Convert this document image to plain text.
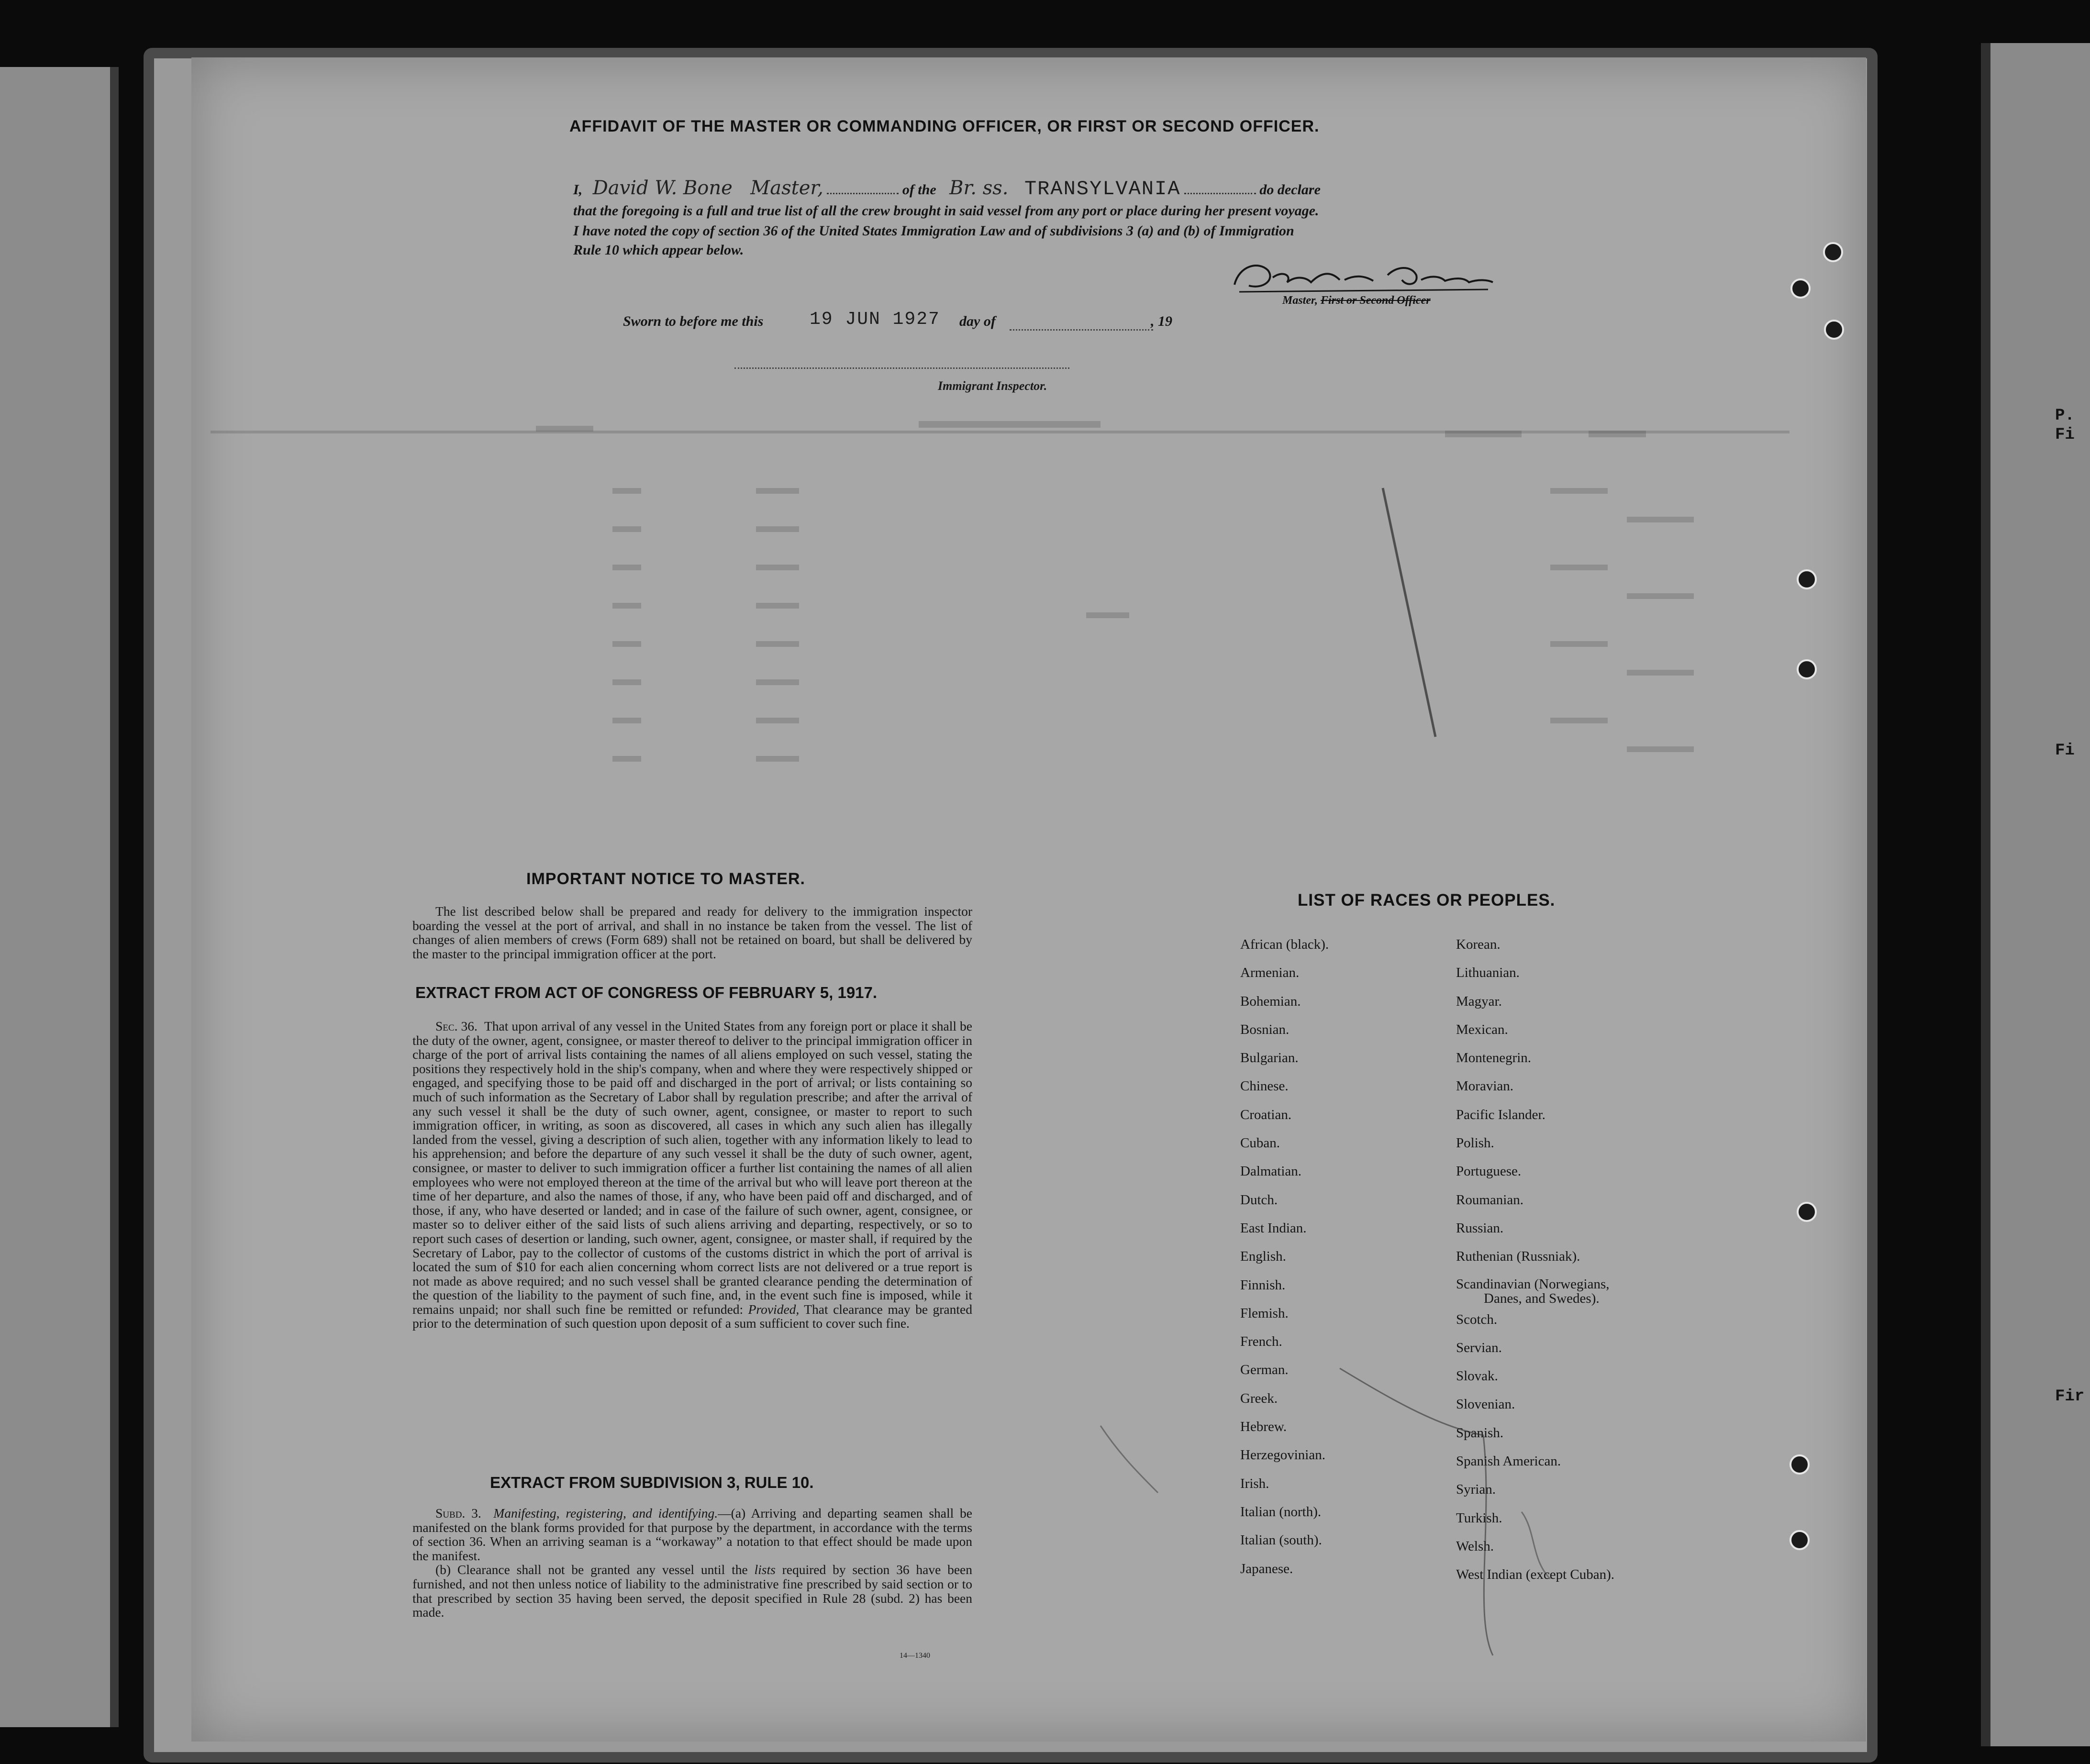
P.
Fi
Fi
Fir
AFFIDAVIT OF THE MASTER OR COMMANDING OFFICER, OR FIRST OR SECOND OFFICER.
I, David W. Bone Master,	of the Br. ss. TRANSYLVANIA	do declare
that the foregoing is a full and true list of all the crew brought in said vessel from any port or place during her present voyage.
I have noted the copy of section 36 of the United States Immigration Law and of subdivisions 3 (a) and (b) of Immigration
Rule 10 which appear below.
Master, First or Second Officer
Sworn to before me this	19 JUN 1927 day of	, 19
Immigrant Inspector.
IMPORTANT NOTICE TO MASTER.

The list described below shall be prepared and ready for delivery to the immigration inspector boarding the vessel at the port of arrival, and shall in no instance be taken from the vessel. The list of changes of alien members of crews (Form 689) shall not be retained on board, but shall be delivered by the master to the principal immigration officer at the port.

EXTRACT FROM ACT OF CONGRESS OF FEBRUARY 5, 1917.

Sec. 36. That upon arrival of any vessel in the United States from any foreign port or place it shall be the duty of the owner, agent, consignee, or master thereof to deliver to the principal immigration officer in charge of the port of arrival lists containing the names of all aliens employed on such vessel, stating the positions they respectively hold in the ship's company, when and where they were respectively shipped or engaged, and specifying those to be paid off and discharged in the port of arrival; or lists containing so much of such information as the Secretary of Labor shall by regulation prescribe; and after the arrival of any such vessel it shall be the duty of such owner, agent, consignee, or master to report to such immigration officer, in writing, as soon as discovered, all cases in which any such alien has illegally landed from the vessel, giving a description of such alien, together with any information likely to lead to his apprehension; and before the departure of any such vessel it shall be the duty of such owner, agent, consignee, or master to deliver to such immigration officer a further list containing the names of all alien employees who were not employed thereon at the time of the arrival but who will leave port thereon at the time of her departure, and also the names of those, if any, who have been paid off and discharged, and of those, if any, who have deserted or landed; and in case of the failure of such owner, agent, consignee, or master so to deliver either of the said lists of such aliens arriving and departing, respectively, or so to report such cases of desertion or landing, such owner, agent, consignee, or master shall, if required by the Secretary of Labor, pay to the collector of customs of the customs district in which the port of arrival is located the sum of $10 for each alien concerning whom correct lists are not delivered or a true report is not made as above required; and no such vessel shall be granted clearance pending the determination of the question of the liability to the payment of such fine, and, in the event such fine is imposed, while it remains unpaid; nor shall such fine be remitted or refunded: Provided, That clearance may be granted prior to the determination of such question upon deposit of a sum sufficient to cover such fine.

EXTRACT FROM SUBDIVISION 3, RULE 10.

Subd. 3. Manifesting, registering, and identifying.—(a) Arriving and departing seamen shall be manifested on the blank forms provided for that purpose by the department, in accordance with the terms of section 36. When an arriving seaman is a “workaway” a notation to that effect should be made upon the manifest.

(b) Clearance shall not be granted any vessel until the lists required by section 36 have been furnished, and not then unless notice of liability to the administrative fine prescribed by said section or to that prescribed by section 35 having been served, the deposit specified in Rule 28 (subd. 2) has been made.

14—1340
LIST OF RACES OR PEOPLES.
African (black).
Armenian.
Bohemian.
Bosnian.
Bulgarian.
Chinese.
Croatian.
Cuban.
Dalmatian.
Dutch.
East Indian.
English.
Finnish.
Flemish.
French.
German.
Greek.
Hebrew.
Herzegovinian.
Irish.
Italian (north).
Italian (south).
Japanese.
Korean.
Lithuanian.
Magyar.
Mexican.
Montenegrin.
Moravian.
Pacific Islander.
Polish.
Portuguese.
Roumanian.
Russian.
Ruthenian (Russniak).
Scandinavian (Norwegians,
Danes, and Swedes).
Scotch.
Servian.
Slovak.
Slovenian.
Spanish.
Spanish American.
Syrian.
Turkish.
Welsh.
West Indian (except Cuban).
